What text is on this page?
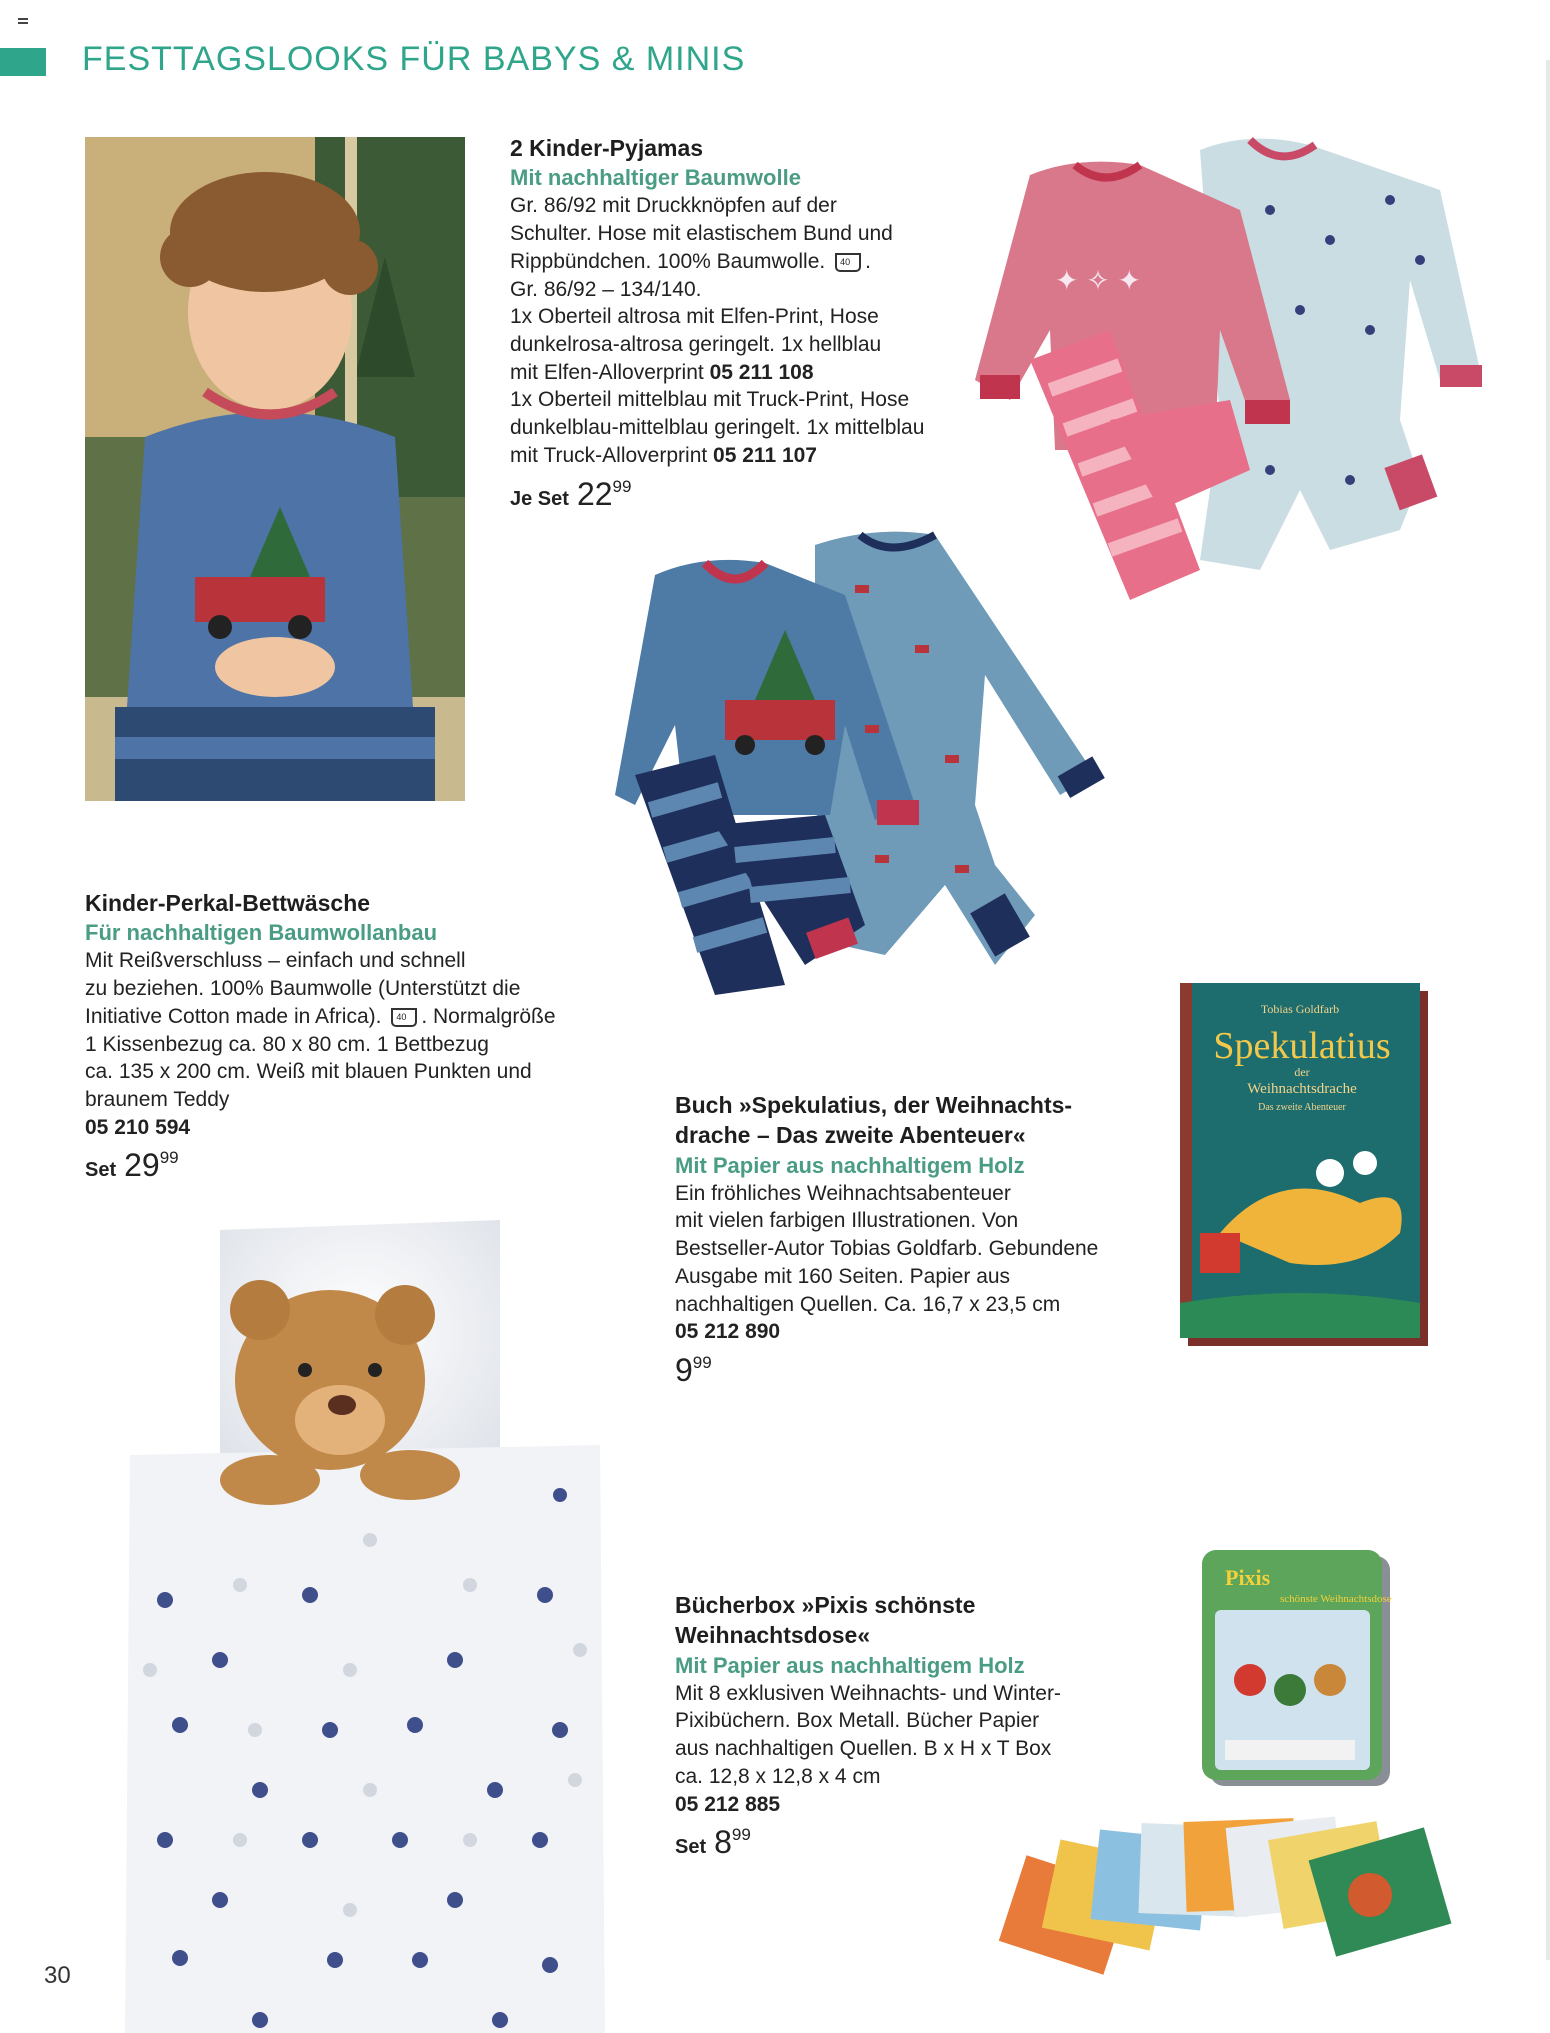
FESTTAGSLOOKS FÜR BABYS & MINIS
2 Kinder-Pyjamas
Mit nachhaltiger Baumwolle
Gr. 86/92 mit Druckknöpfen auf der
Schulter. Hose mit elastischem Bund und
Rippbündchen. 100% Baumwolle. 40 .
Gr. 86/92 – 134/140.
1x Oberteil altrosa mit Elfen-Print, Hose
dunkelrosa-altrosa geringelt. 1x hellblau
mit Elfen-Alloverprint 05 211 108
1x Oberteil mittelblau mit Truck-Print, Hose
dunkelblau-mittelblau geringelt. 1x mittelblau
mit Truck-Alloverprint 05 211 107
Je Set $22^{99}$
✦ ✧ ✦
Kinder-Perkal-Bettwäsche
Für nachhaltigen Baumwollanbau
Mit Reißverschluss – einfach und schnell
zu beziehen. 100% Baumwolle (Unterstützt die
Initiative Cotton made in Africa). 40 . Normalgröße
1 Kissenbezug ca. 80 x 80 cm. 1 Bettbezug
ca. 135 x 200 cm. Weiß mit blauen Punkten und
braunem Teddy
05 210 594
Set $29^{99}$
Buch »Spekulatius, der Weihnachts-
drache – Das zweite Abenteuer«
Mit Papier aus nachhaltigem Holz
Ein fröhliches Weihnachtsabenteuer
mit vielen farbigen Illustrationen. Von
Bestseller-Autor Tobias Goldfarb. Gebundene
Ausgabe mit 160 Seiten. Papier aus
nachhaltigen Quellen. Ca. 16,7 x 23,5 cm
05 212 890
$9^{99}$
Tobias Goldfarb
Spekulatius
der
Weihnachtsdrache
Das zweite Abenteuer
Bücherbox »Pixis schönste
Weihnachtsdose«
Mit Papier aus nachhaltigem Holz
Mit 8 exklusiven Weihnachts- und Winter-
Pixibüchern. Box Metall. Bücher Papier
aus nachhaltigen Quellen. B x H x T Box
ca. 12,8 x 12,8 x 4 cm
05 212 885
Set $8^{99}$
Pixis
schönste Weihnachtsdose
30
